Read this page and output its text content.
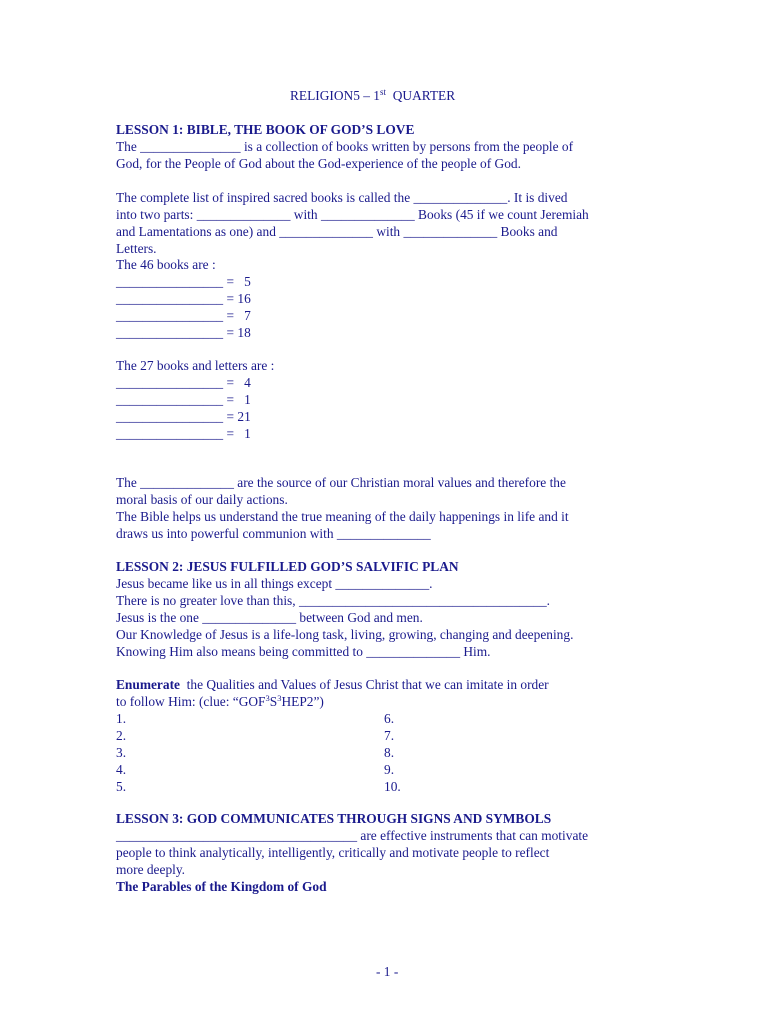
RELIGION5 – 1st  QUARTER
LESSON 1: BIBLE, THE BOOK OF GOD’S LOVE
The _______________ is a collection of books written by persons from the people of
God, for the People of God about the God-experience of the people of God.
The complete list of inspired sacred books is called the ______________. It is dived
into two parts: ______________ with ______________ Books (45 if we count Jeremiah
and Lamentations as one) and ______________ with ______________ Books and
Letters.
The 46 books are :
________________ =   5
________________ = 16
________________ =   7
________________ = 18
The 27 books and letters are :
________________ =   4
________________ =   1
________________ = 21
________________ =   1
The ______________ are the source of our Christian moral values and therefore the
moral basis of our daily actions.
The Bible helps us understand the true meaning of the daily happenings in life and it
draws us into powerful communion with ______________
LESSON 2: JESUS FULFILLED GOD’S SALVIFIC PLAN
Jesus became like us in all things except ______________.
There is no greater love than this, _____________________________________.
Jesus is the one ______________ between God and men.
Our Knowledge of Jesus is a life-long task, living, growing, changing and deepening.
Knowing Him also means being committed to ______________ Him.
Enumerate  the Qualities and Values of Jesus Christ that we can imitate in order
to follow Him: (clue: “$GOF^3S^3HEP2$”)
1.
2.
3.
4.
5.
6.
7.
8.
9.
10.
LESSON 3: GOD COMMUNICATES THROUGH SIGNS AND SYMBOLS
____________________________________ are effective instruments that can motivate
people to think analytically, intelligently, critically and motivate people to reflect
more deeply.
The Parables of the Kingdom of God
- 1 -
